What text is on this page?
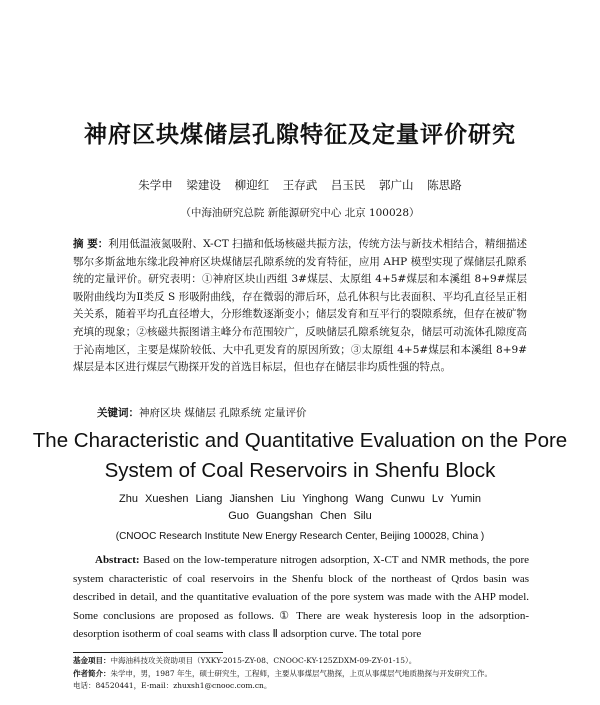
神府区块煤储层孔隙特征及定量评价研究
朱学申 梁建设 柳迎红 王存武 吕玉民 郭广山 陈思路
（中海油研究总院 新能源研究中心 北京 100028）
摘 要：利用低温液氮吸附、X-CT 扫描和低场核磁共振方法，传统方法与新技术相结合，精细描述鄂尔多斯盆地东缘北段神府区块煤储层孔隙系统的发育特征，应用 AHP 模型实现了煤储层孔隙系统的定量评价。研究表明：①神府区块山西组 3#煤层、太原组 4+5#煤层和本溪组 8+9#煤层吸附曲线均为Ⅱ类反 S 形吸附曲线，存在微弱的滞后环，总孔体积与比表面积、平均孔直径呈正相关关系，随着平均孔直径增大，分形维数逐渐变小；储层发育和互平行的裂隙系统，但存在被矿物充填的现象；②核磁共振图谱主峰分布范围较广，反映储层孔隙系统复杂，储层可动流体孔隙度高于沁南地区，主要是煤阶较低、大中孔更发育的原因所致；③太原组 4+5#煤层和本溪组 8+9#煤层是本区进行煤层气勘探开发的首选目标层，但也存在储层非均质性强的特点。
关键词：神府区块 煤储层 孔隙系统 定量评价
The Characteristic and Quantitative Evaluation on the Pore System of Coal Reservoirs in Shenfu Block
Zhu Xueshen Liang Jianshen Liu Yinghong Wang Cunwu Lv Yumin
Guo Guangshan Chen Silu
(CNOOC Research Institute New Energy Research Center, Beijing 100028, China )
Abstract: Based on the low-temperature nitrogen adsorption, X-CT and NMR methods, the pore system characteristic of coal reservoirs in the Shenfu block of the northeast of Qrdos basin was described in detail, and the quantitative evaluation of the pore system was made with the AHP model. Some conclusions are proposed as follows. ① There are weak hysteresis loop in the adsorption-desorption isotherm of coal seams with class Ⅱ adsorption curve. The total pore
基金项目：中海油科技攻关资助项目（YXKY-2015-ZY-08、CNOOC-KY-125ZDXM-09-ZY-01-15）。
作者简介：朱学申，男，1987 年生，硕士研究生，工程师，主要从事煤层气勘探，上页从事煤层气地质勘探与开发研究工作。
电话：84520441，E-mail：zhuxsh1@cnooc.com.cn。
